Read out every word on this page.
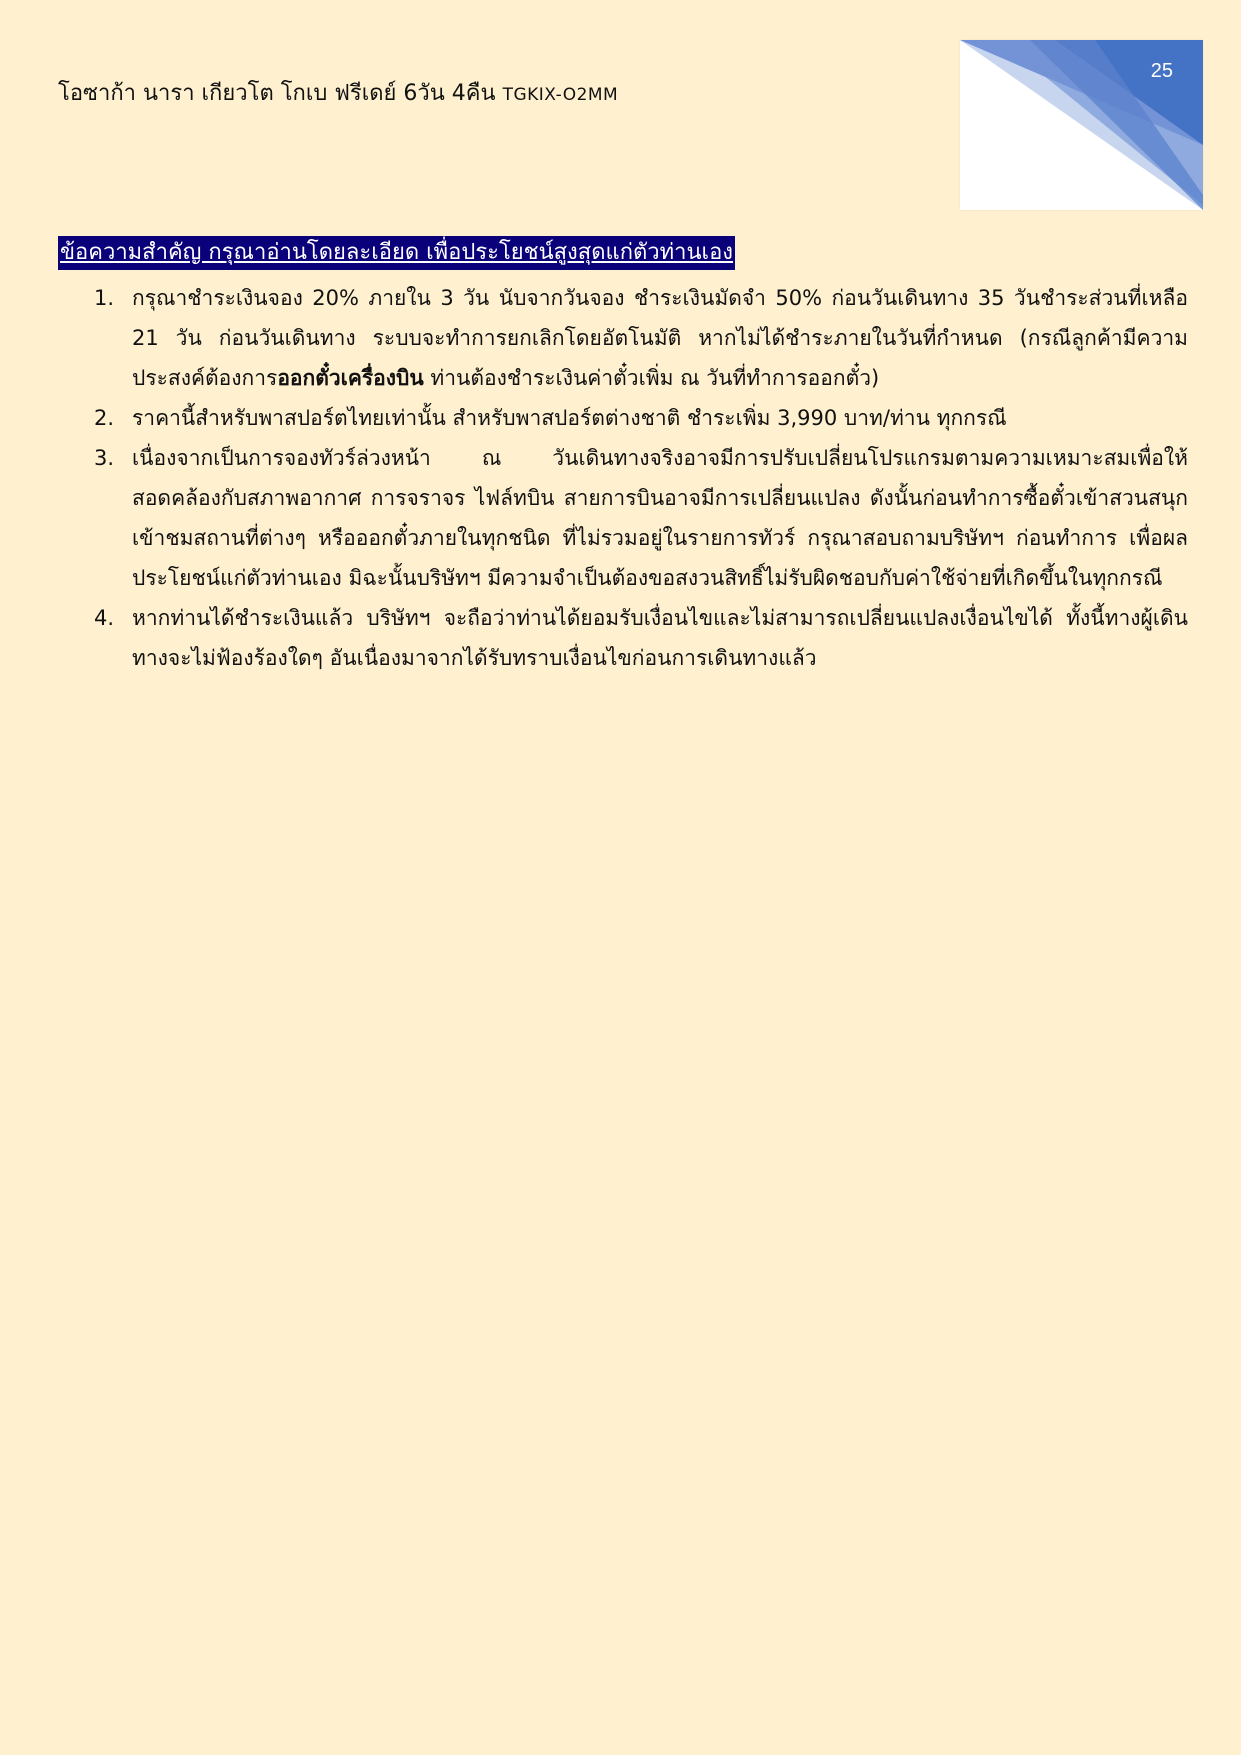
โอซาก้า นารา เกียวโต โกเบ ฟรีเดย์ 6วัน 4คืน TGKIX-O2MM
25
ข้อความสำคัญ กรุณาอ่านโดยละเอียด เพื่อประโยชน์สูงสุดแก่ตัวท่านเอง
1. กรุณาชำระเงินจอง 20% ภายใน 3 วัน นับจากวันจอง ชำระเงินมัดจำ 50% ก่อนวันเดินทาง 35 วันชำระส่วนที่เหลือ 21 วัน ก่อนวันเดินทาง ระบบจะทำการยกเลิกโดยอัตโนมัติ หากไม่ได้ชำระภายในวันที่กำหนด (กรณีลูกค้ามีความประสงค์ต้องการออกตั๋วเครื่องบิน ท่านต้องชำระเงินค่าตั๋วเพิ่ม ณ วันที่ทำการออกตั๋ว)
2. ราคานี้สำหรับพาสปอร์ตไทยเท่านั้น สำหรับพาสปอร์ตต่างชาติ ชำระเพิ่ม 3,990 บาท/ท่าน ทุกกรณี
3. เนื่องจากเป็นการจองทัวร์ล่วงหน้า ณ วันเดินทางจริงอาจมีการปรับเปลี่ยนโปรแกรมตามความเหมาะสมเพื่อให้สอดคล้องกับสภาพอากาศ การจราจร ไฟล์ทบิน สายการบินอาจมีการเปลี่ยนแปลง ดังนั้นก่อนทำการซื้อตั๋วเข้าสวนสนุก เข้าชมสถานที่ต่างๆ หรือออกตั๋วภายในทุกชนิด ที่ไม่รวมอยู่ในรายการทัวร์ กรุณาสอบถามบริษัทฯ ก่อนทำการ เพื่อผลประโยชน์แก่ตัวท่านเอง มิฉะนั้นบริษัทฯ มีความจำเป็นต้องขอสงวนสิทธิ์ไม่รับผิดชอบกับค่าใช้จ่ายที่เกิดขึ้นในทุกกรณี
4. หากท่านได้ชำระเงินแล้ว บริษัทฯ จะถือว่าท่านได้ยอมรับเงื่อนไขและไม่สามารถเปลี่ยนแปลงเงื่อนไขได้ ทั้งนี้ทางผู้เดินทางจะไม่ฟ้องร้องใดๆ อันเนื่องมาจากได้รับทราบเงื่อนไขก่อนการเดินทางแล้ว
